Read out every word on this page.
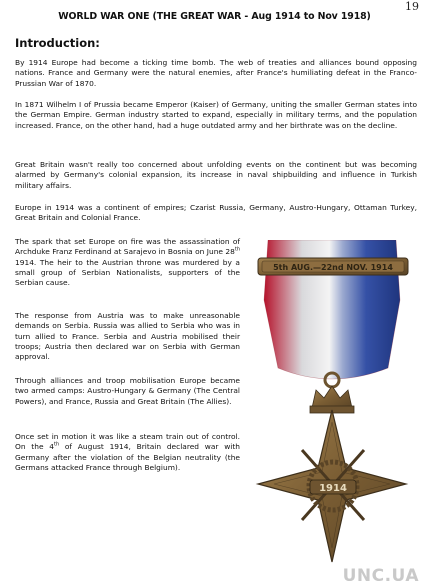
19
WORLD WAR ONE (THE GREAT WAR - Aug 1914 to Nov 1918)
Introduction:

By 1914 Europe had become a ticking time bomb. The web of treaties and alliances bound opposing nations. France and Germany were the natural enemies, after France's humiliating defeat in the Franco-Prussian War of 1870.

In 1871 Wilhelm I of Prussia became Emperor (Kaiser) of Germany, uniting the smaller German states into the German Empire. German industry started to expand, especially in military terms, and the population increased. France, on the other hand, had a huge outdated army and her birthrate was on the decline.

Great Britain wasn't really too concerned about unfolding events on the continent but was becoming alarmed by Germany's colonial expansion, its increase in naval shipbuilding and influence in Turkish military affairs.

Europe in 1914 was a continent of empires; Czarist Russia, Germany, Austro-Hungary, Ottaman Turkey, Great Britain and Colonial France.

The spark that set Europe on fire was the assassination of Archduke Franz Ferdinand at Sarajevo in Bosnia on June 28th 1914. The heir to the Austrian throne was murdered by a small group of Serbian Nationalists, supporters of the Serbian cause.

The response from Austria was to make unreasonable demands on Serbia. Russia was allied to Serbia who was in turn allied to France. Serbia and Austria mobilised their troops; Austria then declared war on Serbia with German approval.

Through alliances and troop mobilisation Europe became two armed camps: Austro-Hungary & Germany (The Central Powers), and France, Russia and Great Britain (The Allies).

Once set in motion it was like a steam train out of control. On the 4th of August 1914, Britain declared war with Germany after the violation of the Belgian neutrality (the Germans attacked France through Belgium).

5th AUG.—22nd NOV. 1914
1914
UNC.UA
